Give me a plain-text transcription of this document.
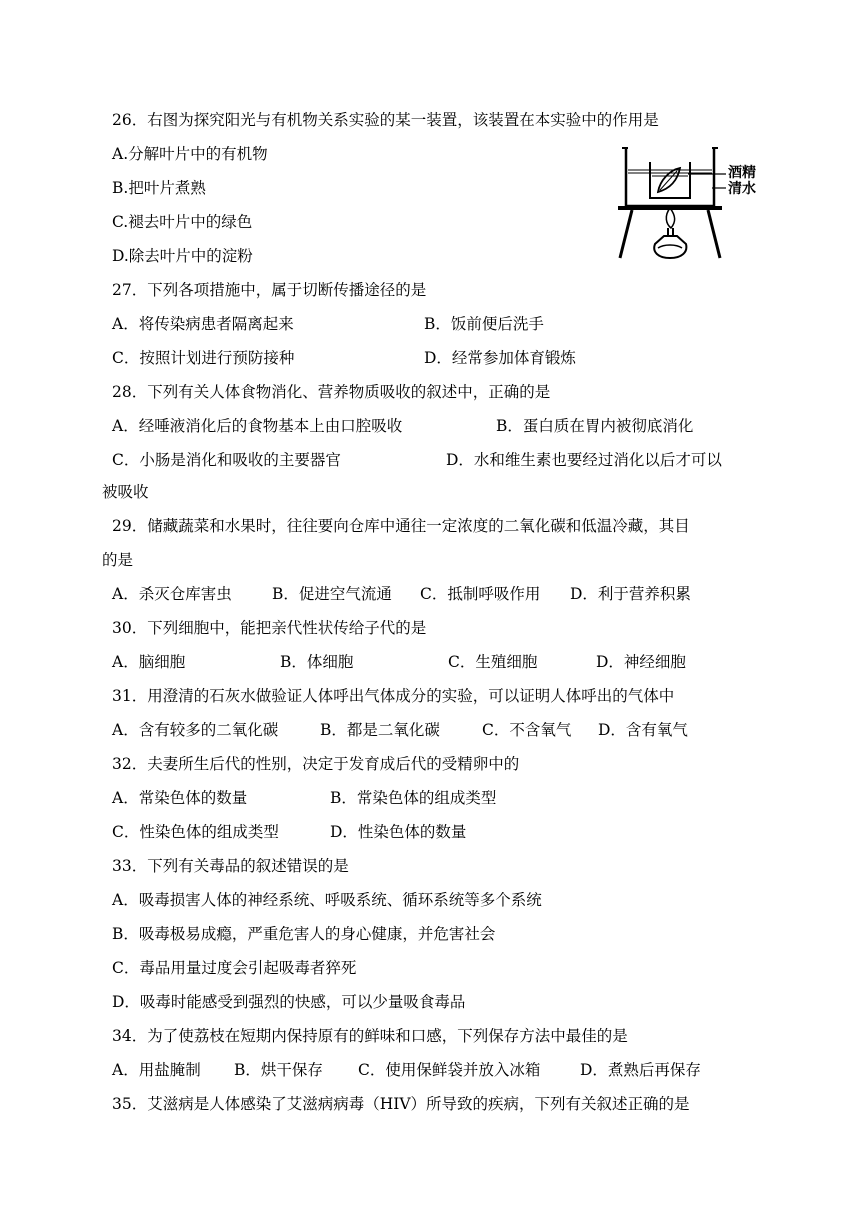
26．右图为探究阳光与有机物关系实验的某一装置，该装置在本实验中的作用是
A.分解叶片中的有机物
B.把叶片煮熟
C.褪去叶片中的绿色
D.除去叶片中的淀粉
酒精
清水
27．下列各项措施中，属于切断传播途径的是
A．将传染病患者隔离起来	B．饭前便后洗手
C．按照计划进行预防接种	D．经常参加体育锻炼
28．下列有关人体食物消化、营养物质吸收的叙述中，正确的是
A．经唾液消化后的食物基本上由口腔吸收	B．蛋白质在胃内被彻底消化
C．小肠是消化和吸收的主要器官	D．水和维生素也要经过消化以后才可以
被吸收
29．储藏蔬菜和水果时，往往要向仓库中通往一定浓度的二氧化碳和低温冷藏，其目
的是
A．杀灭仓库害虫	B．促进空气流通 C．抵制呼吸作用 D．利于营养积累
30．下列细胞中，能把亲代性状传给子代的是
A．脑细胞	B．体细胞	C．生殖细胞	D．神经细胞
31．用澄清的石灰水做验证人体呼出气体成分的实验，可以证明人体呼出的气体中
A．含有较多的二氧化碳	B．都是二氧化碳	C．不含氧气 D．含有氧气
32．夫妻所生后代的性别，决定于发育成后代的受精卵中的
A．常染色体的数量	B．常染色体的组成类型
C．性染色体的组成类型	D．性染色体的数量
33．下列有关毒品的叙述错误的是
A．吸毒损害人体的神经系统、呼吸系统、循环系统等多个系统
B．吸毒极易成瘾，严重危害人的身心健康，并危害社会
C．毒品用量过度会引起吸毒者猝死
D．吸毒时能感受到强烈的快感，可以少量吸食毒品
34．为了使荔枝在短期内保持原有的鲜味和口感，下列保存方法中最佳的是
A．用盐腌制 B．烘干保存 C．使用保鲜袋并放入冰箱	D．煮熟后再保存
35．艾滋病是人体感染了艾滋病病毒（HIV）所导致的疾病，下列有关叙述正确的是
